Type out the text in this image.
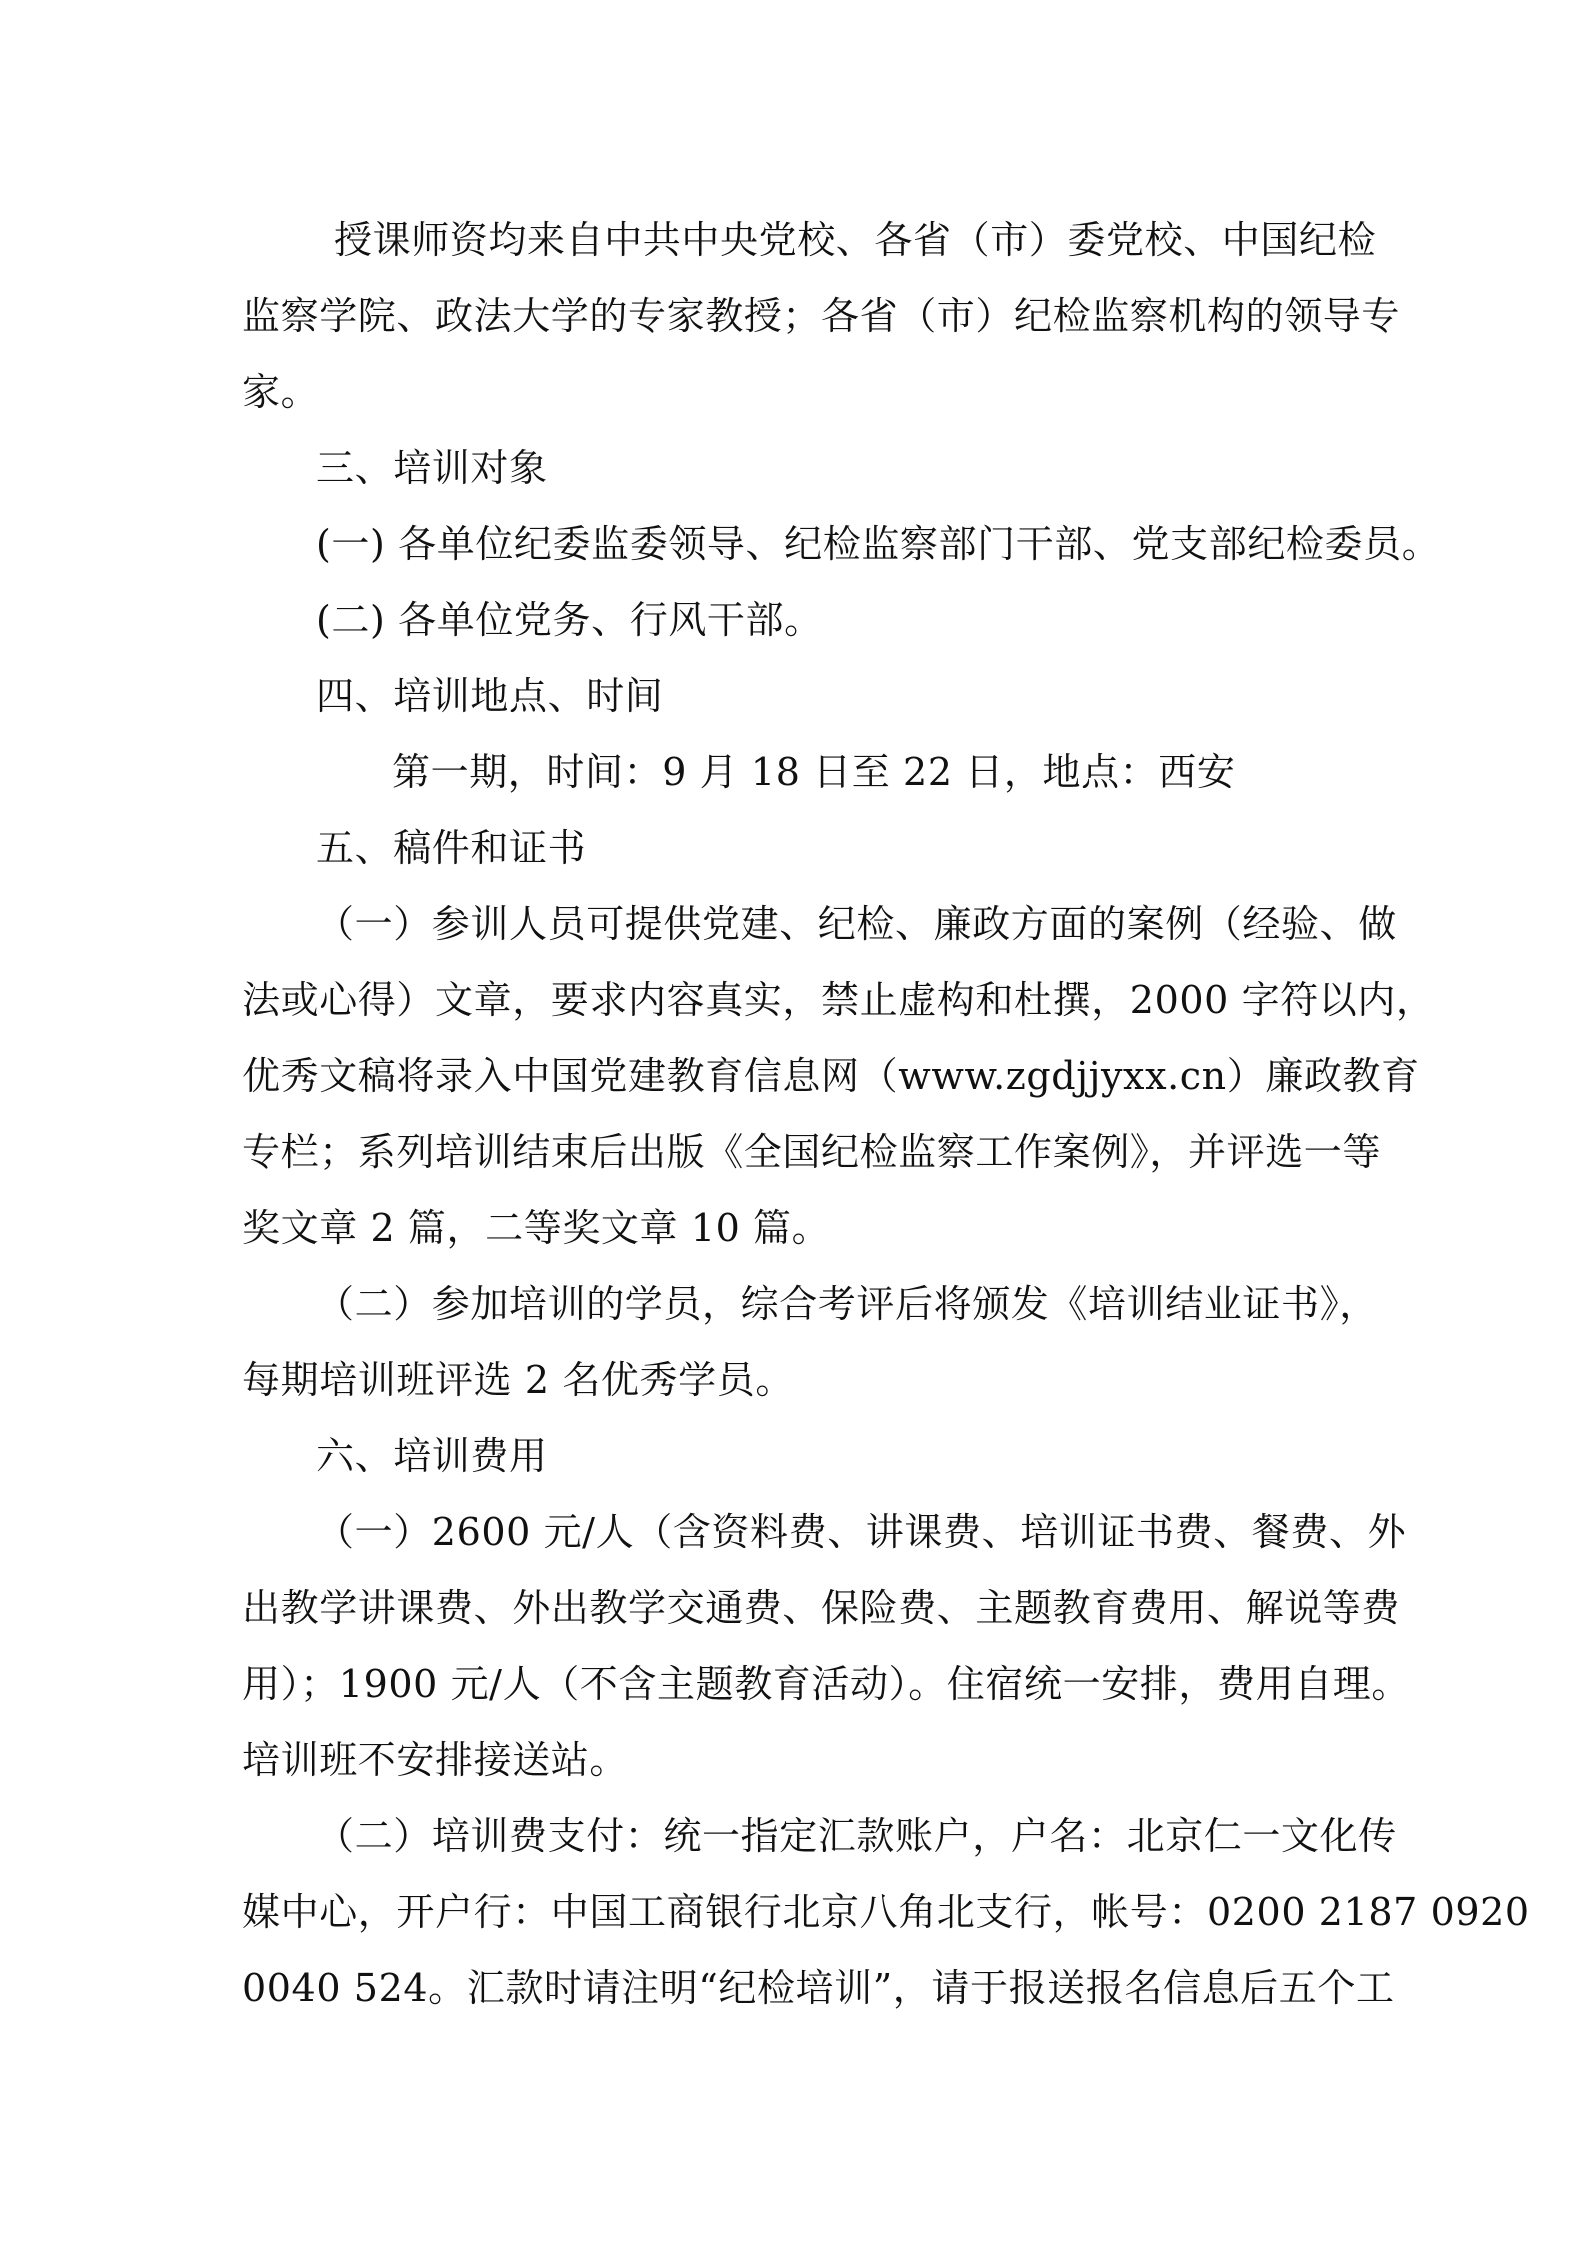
授课师资均来自中共中央党校、各省（市）委党校、中国纪检
监察学院、政法大学的专家教授；各省（市）纪检监察机构的领导专
家。
三、培训对象
(一) 各单位纪委监委领导、纪检监察部门干部、党支部纪检委员。
(二) 各单位党务、行风干部。
四、培训地点、时间
第一期，时间：9 月 18 日至 22 日，地点：西安
五、稿件和证书
（一）参训人员可提供党建、纪检、廉政方面的案例（经验、做
法或心得）文章，要求内容真实，禁止虚构和杜撰，2000 字符以内，
优秀文稿将录入中国党建教育信息网（www.zgdjjyxx.cn）廉政教育
专栏；系列培训结束后出版《全国纪检监察工作案例》，并评选一等
奖文章 2 篇，二等奖文章 10 篇。
（二）参加培训的学员，综合考评后将颁发《培训结业证书》，
每期培训班评选 2 名优秀学员。
六、培训费用
（一）2600 元/人（含资料费、讲课费、培训证书费、餐费、外
出教学讲课费、外出教学交通费、保险费、主题教育费用、解说等费
用）；1900 元/人（不含主题教育活动）。住宿统一安排，费用自理。
培训班不安排接送站。
（二）培训费支付：统一指定汇款账户，户名：北京仁一文化传
媒中心，开户行：中国工商银行北京八角北支行，帐号：0200 2187 0920
0040 524。汇款时请注明“纪检培训”，请于报送报名信息后五个工
